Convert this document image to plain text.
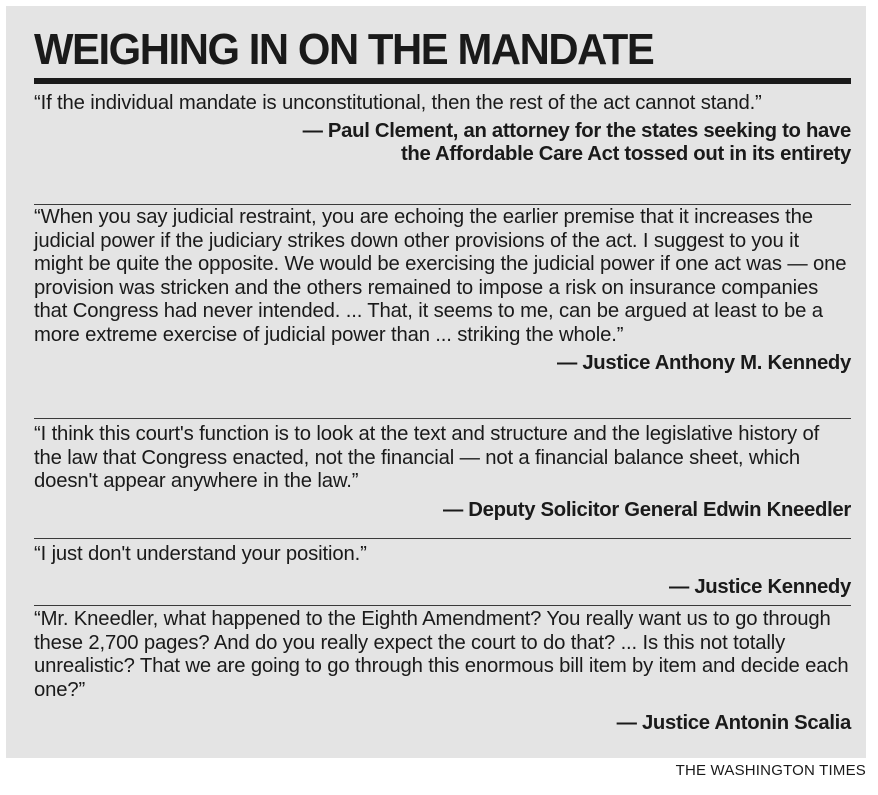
WEIGHING IN ON THE MANDATE

“If the individual mandate is unconstitutional, then the rest of the act cannot stand.”

— Paul Clement, an attorney for the states seeking to have
the Affordable Care Act tossed out in its entirety

“When you say judicial restraint, you are echoing the earlier premise that it increases the judicial power if the judiciary strikes down other provisions of the act. I suggest to you it might be quite the opposite. We would be exercising the judicial power if one act was — one provision was stricken and the others remained to impose a risk on insurance companies that Congress had never intended. ... That, it seems to me, can be argued at least to be a more extreme exercise of judicial power than ... striking the whole.”

— Justice Anthony M. Kennedy

“I think this court's function is to look at the text and structure and the legislative history of the law that Congress enacted, not the financial — not a financial balance sheet, which doesn't appear anywhere in the law.”

— Deputy Solicitor General Edwin Kneedler

“I just don't understand your position.”

— Justice Kennedy

“Mr. Kneedler, what happened to the Eighth Amendment? You really want us to go through these 2,700 pages? And do you really expect the court to do that? ... Is this not totally unrealistic? That we are going to go through this enormous bill item by item and decide each one?”

— Justice Antonin Scalia

THE WASHINGTON TIMES
